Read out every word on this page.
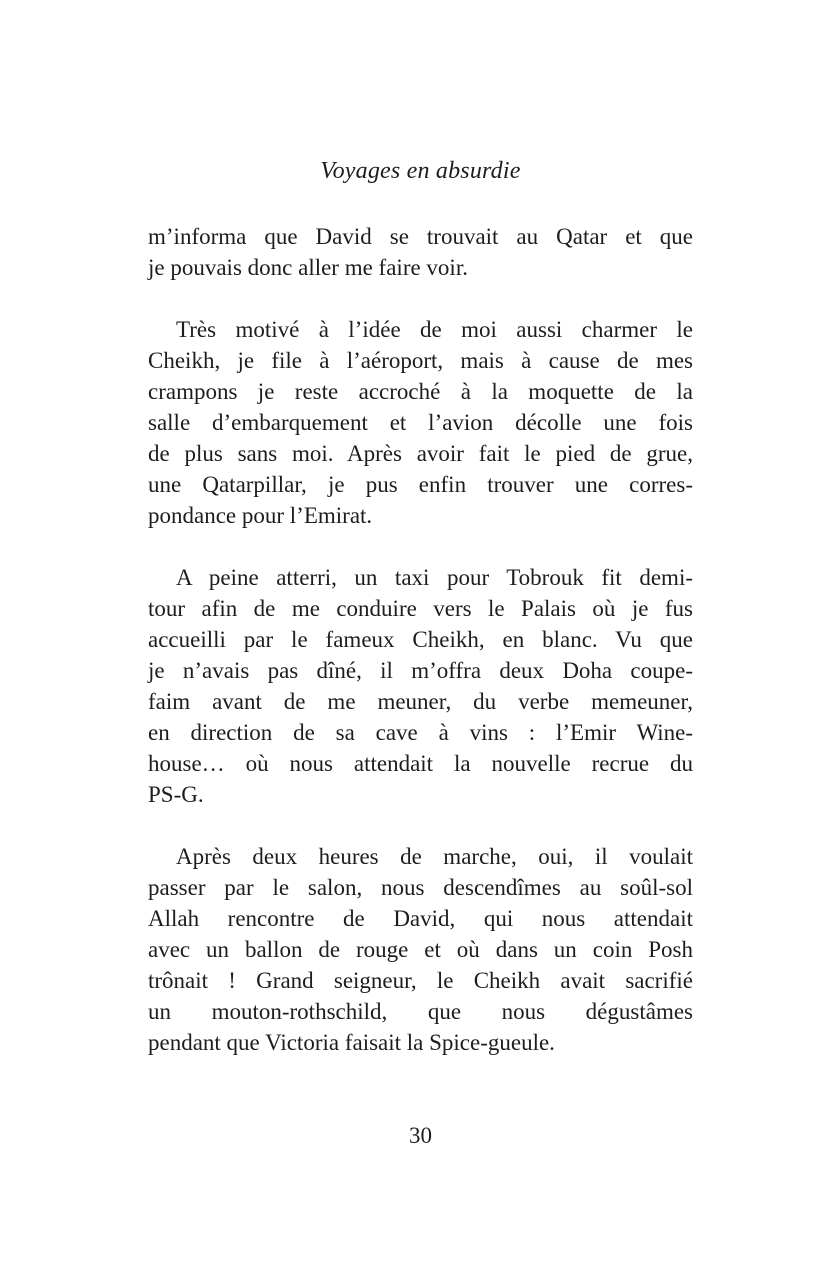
Voyages en absurdie

m’informa que David se trouvait au Qatar et que
je pouvais donc aller me faire voir.

Très motivé à l’idée de moi aussi charmer le
Cheikh, je file à l’aéroport, mais à cause de mes
crampons je reste accroché à la moquette de la
salle d’embarquement et l’avion décolle une fois
de plus sans moi. Après avoir fait le pied de grue,
une Qatarpillar, je pus enfin trouver une corres-
pondance pour l’Emirat.

A peine atterri, un taxi pour Tobrouk fit demi-
tour afin de me conduire vers le Palais où je fus
accueilli par le fameux Cheikh, en blanc. Vu que
je n’avais pas dîné, il m’offra deux Doha coupe-
faim avant de me meuner, du verbe memeuner,
en direction de sa cave à vins : l’Emir Wine-
house… où nous attendait la nouvelle recrue du
PS-G.

Après deux heures de marche, oui, il voulait
passer par le salon, nous descendîmes au soûl-sol
Allah rencontre de David, qui nous attendait
avec un ballon de rouge et où dans un coin Posh
trônait ! Grand seigneur, le Cheikh avait sacrifié
un mouton-rothschild, que nous dégustâmes
pendant que Victoria faisait la Spice-gueule.

30
